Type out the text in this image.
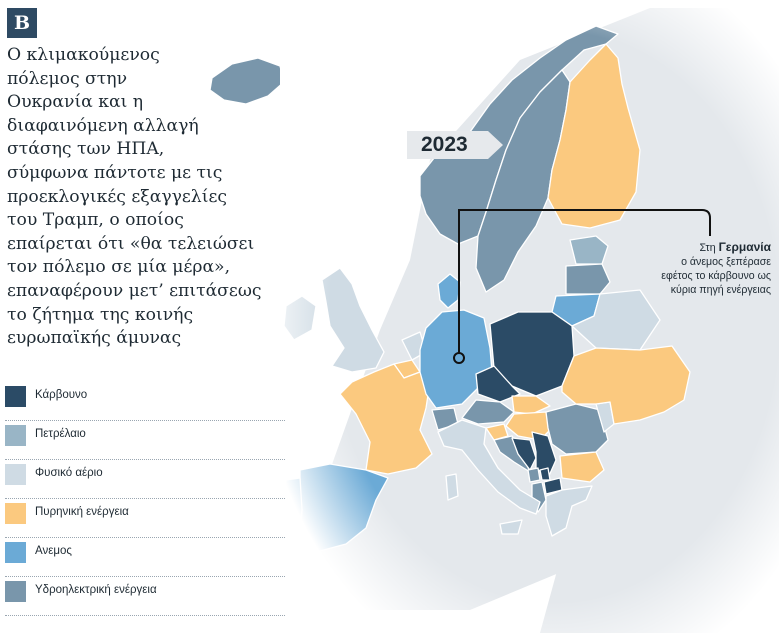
B
Ο κλιμακούμενος
πόλεμος στην
Ουκρανία και η
διαφαινόμενη αλλαγή
στάσης των ΗΠΑ,
σύμφωνα πάντοτε με τις
προεκλογικές εξαγγελίες
του Τραμπ, ο οποίος
επαίρεται ότι «θα τελειώσει
τον πόλεμο σε μία μέρα»,
επαναφέρουν μετ’ επιτάσεως
το ζήτημα της κοινής
ευρωπαϊκής άμυνας
2023
Στη Γερμανία
ο άνεμος ξεπέρασε
εφέτος το κάρβουνο ως
κύρια πηγή ενέργειας
Κάρβουνο
Πετρέλαιο
Φυσικό αέριο
Πυρηνική ενέργεια
Ανεμος
Υδροηλεκτρική ενέργεια
